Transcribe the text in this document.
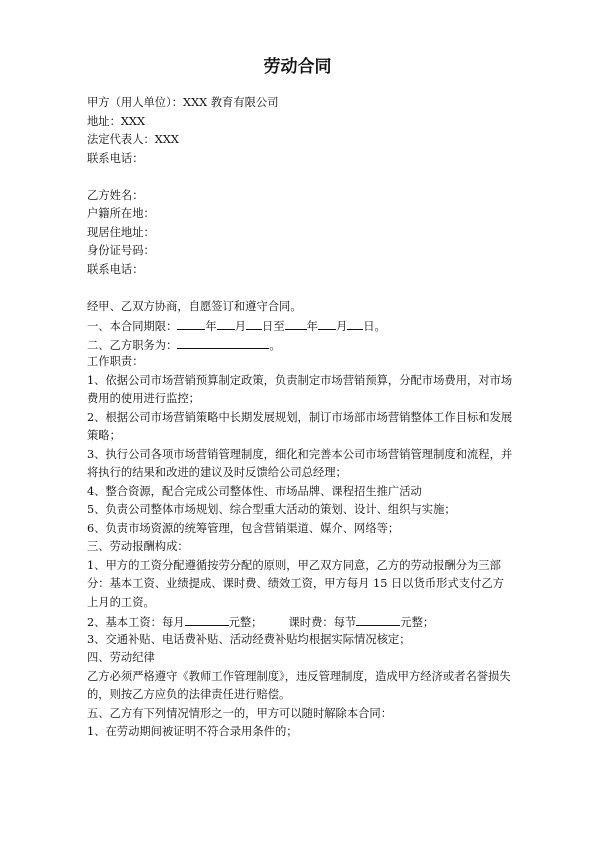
劳动合同
甲方（用人单位）：XXX 教育有限公司
地址：XXX
法定代表人：XXX
联系电话：
乙方姓名：
户籍所在地：
现居住地址：
身份证号码：
联系电话：
经甲、乙双方协商，自愿签订和遵守合同。
一、本合同期限： 年 月 日至 年 月 日。
二、乙方职务为：	。
工作职责：
1、依据公司市场营销预算制定政策，负责制定市场营销预算，分配市场费用，对市场费用的使用进行监控；
2、根据公司市场营销策略中长期发展规划，制订市场部市场营销整体工作目标和发展策略；
3、执行公司各项市场营销管理制度，细化和完善本公司市场营销管理制度和流程，并将执行的结果和改进的建议及时反馈给公司总经理；
4、整合资源，配合完成公司整体性、市场品牌、课程招生推广活动
5、负责公司整体市场规划、综合型重大活动的策划、设计、组织与实施；
6、负责市场资源的统筹管理，包含营销渠道、媒介、网络等；
三、劳动报酬构成：
1、甲方的工资分配遵循按劳分配的原则，甲乙双方同意，乙方的劳动报酬分为三部分：基本工资、业绩提成、课时费、绩效工资，甲方每月 15 日以货币形式支付乙方上月的工资。
2、基本工资：每月	元整； 课时费：每节	元整；
3、交通补贴、电话费补贴、活动经费补贴均根据实际情况核定；
四、劳动纪律
乙方必须严格遵守《教师工作管理制度》，违反管理制度，造成甲方经济或者名誉损失的，则按乙方应负的法律责任进行赔偿。
五、乙方有下列情况情形之一的，甲方可以随时解除本合同：
1、在劳动期间被证明不符合录用条件的；
